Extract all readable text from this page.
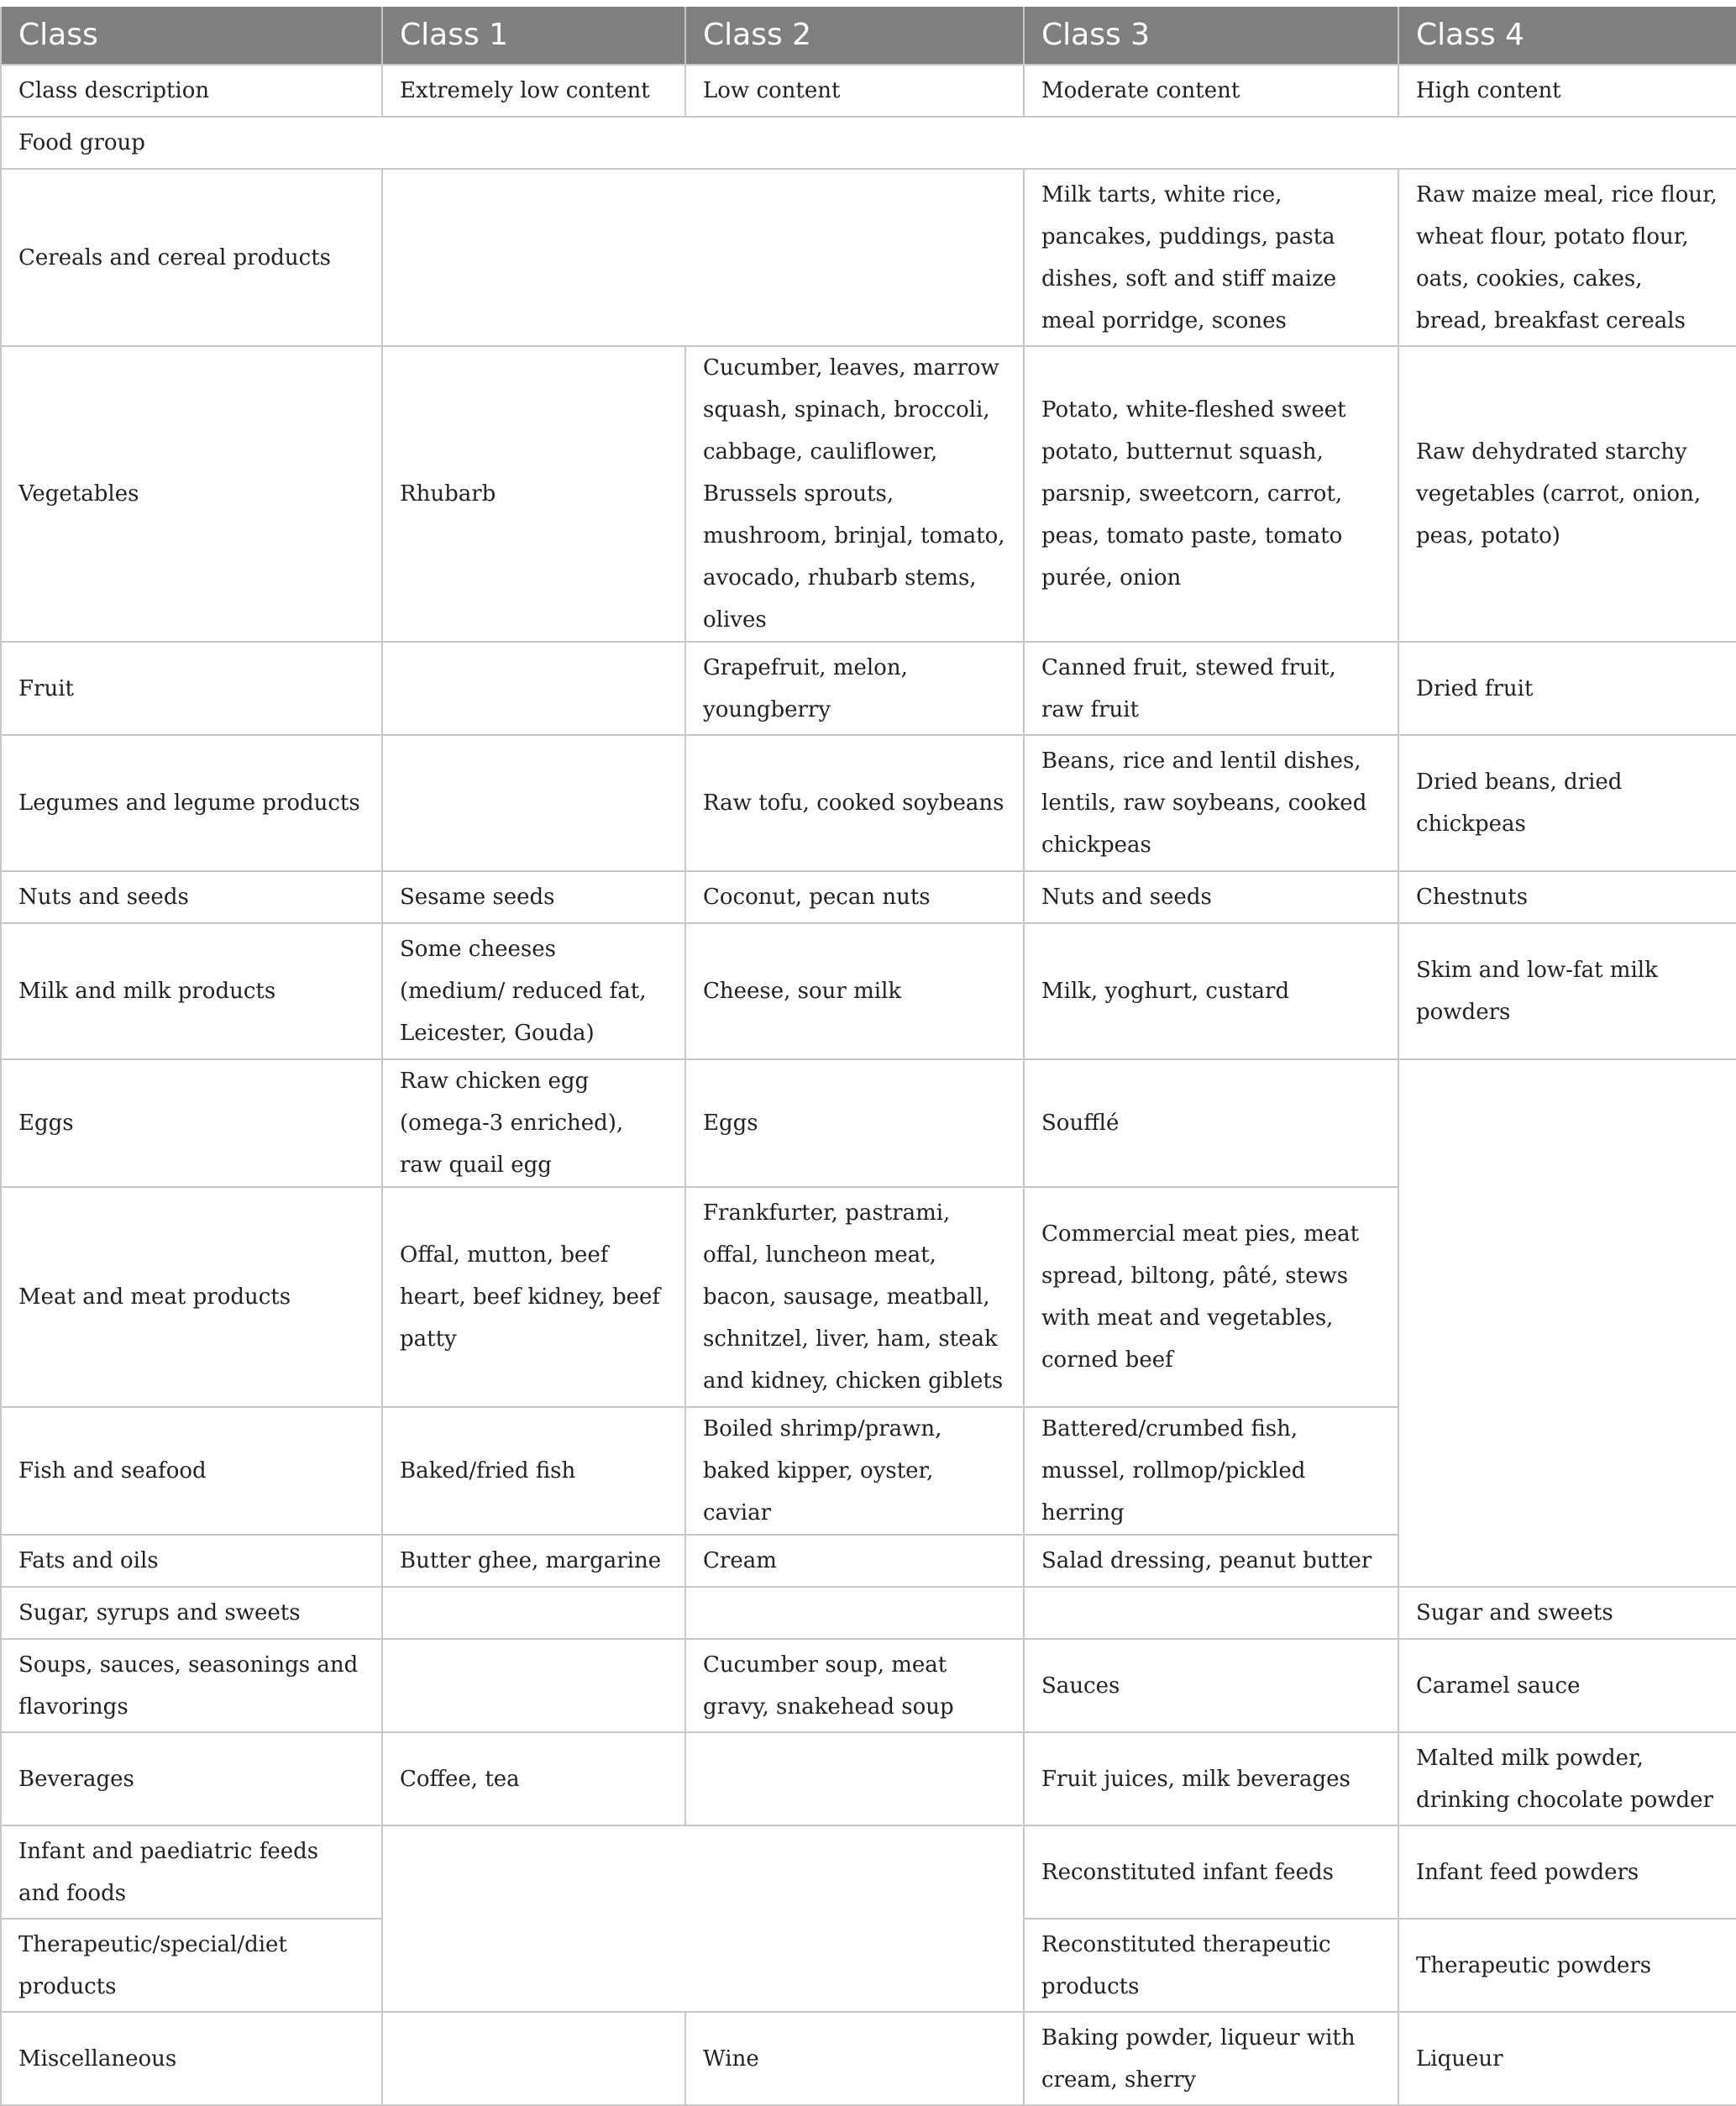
Class	Class 1	Class 2	Class 3	Class 4
Class description	Extremely low content	Low content	Moderate content	High content
Food group				
Cereals and cereal products			Milk tarts, white rice, pancakes, puddings, pasta dishes, soft and stiff maize meal porridge, scones	Raw maize meal, rice flour, wheat flour, potato flour, oats, cookies, cakes, bread, breakfast cereals
Vegetables	Rhubarb	Cucumber, leaves, marrow squash, spinach, broccoli, cabbage, cauliflower, Brussels sprouts, mushroom, brinjal, tomato, avocado, rhubarb stems, olives	Potato, white-fleshed sweet potato, butternut squash, parsnip, sweetcorn, carrot, peas, tomato paste, tomato purée, onion	Raw dehydrated starchy vegetables (carrot, onion, peas, potato)
Fruit		Grapefruit, melon, youngberry	Canned fruit, stewed fruit, raw fruit	Dried fruit
Legumes and legume products		Raw tofu, cooked soybeans	Beans, rice and lentil dishes, lentils, raw soybeans, cooked chickpeas	Dried beans, dried chickpeas
Nuts and seeds	Sesame seeds	Coconut, pecan nuts	Nuts and seeds	Chestnuts
Milk and milk products	Some cheeses (medium/ reduced fat, Leicester, Gouda)	Cheese, sour milk	Milk, yoghurt, custard	Skim and low-fat milk powders
Eggs	Raw chicken egg (omega-3 enriched), raw quail egg	Eggs	Soufflé	
Meat and meat products	Offal, mutton, beef heart, beef kidney, beef patty	Frankfurter, pastrami, offal, luncheon meat, bacon, sausage, meatball, schnitzel, liver, ham, steak and kidney, chicken giblets	Commercial meat pies, meat spread, biltong, pâté, stews with meat and vegetables, corned beef	
Fish and seafood	Baked/fried fish	Boiled shrimp/prawn, baked kipper, oyster, caviar	Battered/crumbed fish, mussel, rollmop/pickled herring	
Fats and oils	Butter ghee, margarine	Cream	Salad dressing, peanut butter	
Sugar, syrups and sweets				Sugar and sweets
Soups, sauces, seasonings and flavorings		Cucumber soup, meat gravy, snakehead soup	Sauces	Caramel sauce
Beverages	Coffee, tea		Fruit juices, milk beverages	Malted milk powder, drinking chocolate powder
Infant and paediatric feeds and foods			Reconstituted infant feeds	Infant feed powders
Therapeutic/special/diet products			Reconstituted therapeutic products	Therapeutic powders
Miscellaneous		Wine	Baking powder, liqueur with cream, sherry	Liqueur
